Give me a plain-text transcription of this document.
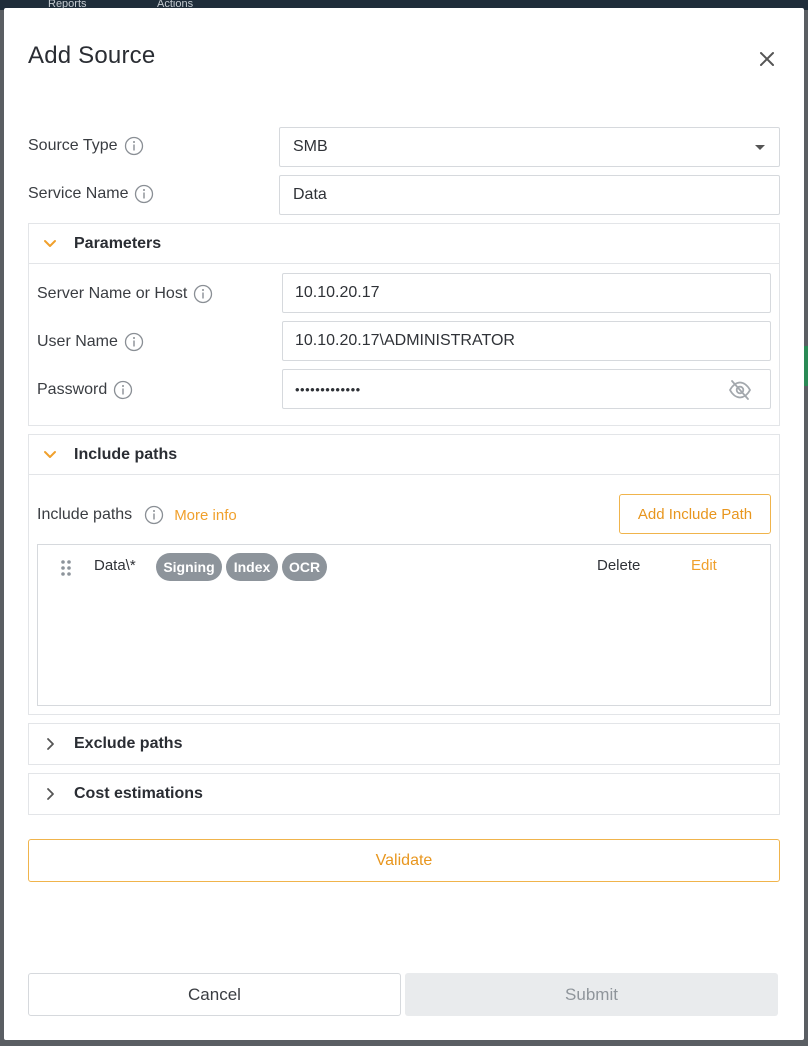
Reports	Actions
Add Source
Source Type	SMB
Service Name	Data
Parameters
Server Name or Host	10.10.20.17
User Name	10.10.20.17\ADMINISTRATOR
Password	•••••••••••••
Include paths
Include paths	More info	Add Include Path
Data\*	Signing	Index	OCR	Delete	Edit
Exclude paths
Cost estimations
Validate
Cancel	Submit
